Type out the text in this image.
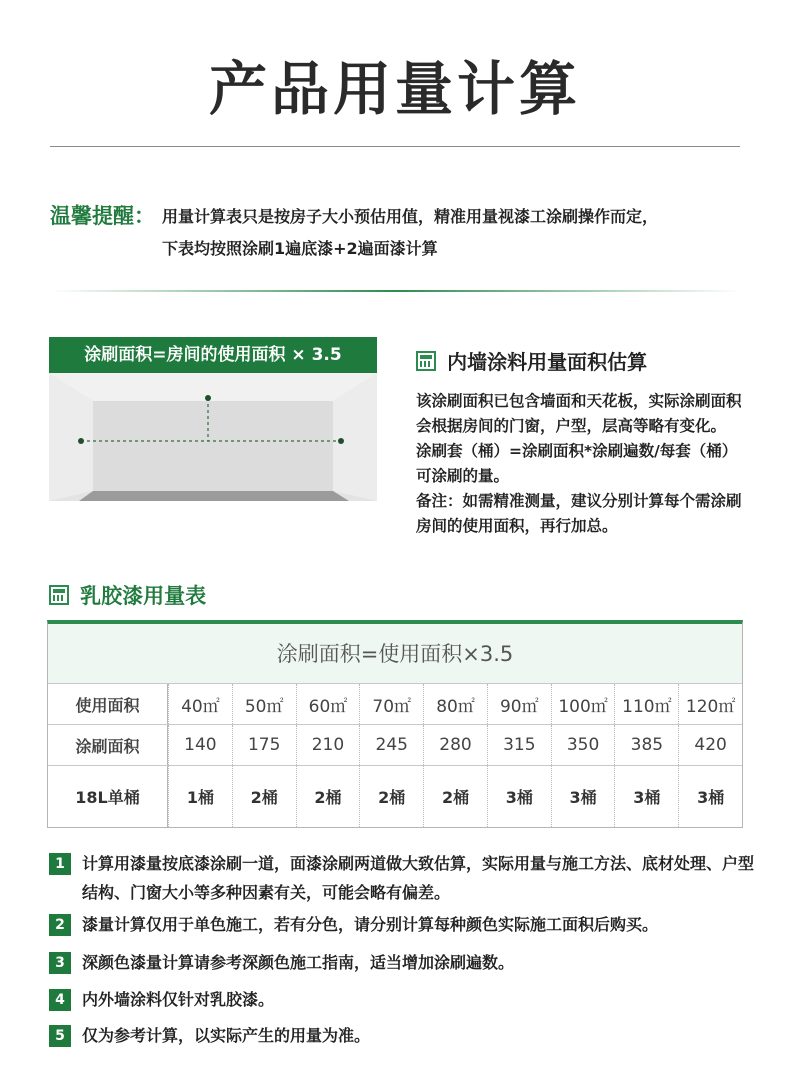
产品用量计算
温馨提醒： 用量计算表只是按房子大小预估用值，精准用量视漆工涂刷操作而定，
下表均按照涂刷1遍底漆+2遍面漆计算
涂刷面积=房间的使用面积 × 3.5	内墙涂料用量面积估算

该涂刷面积已包含墙面和天花板，实际涂刷面积会根据房间的门窗，户型，层高等略有变化。

涂刷套（桶）=涂刷面积*涂刷遍数/每套（桶）可涂刷的量。

备注：如需精准测量，建议分别计算每个需涂刷房间的使用面积，再行加总。

乳胶漆用量表
涂刷面积=使用面积×3.5
使用面积	40㎡	50㎡	60㎡	70㎡	80㎡	90㎡	100㎡ 110㎡ 120㎡
涂刷面积	140	175	210	245	280	315	350	385	420
18L单桶	1桶	2桶	2桶	2桶	2桶	3桶	3桶	3桶	3桶
1	计算用漆量按底漆涂刷一道，面漆涂刷两道做大致估算，实际用量与施工方法、底材处理、户型结构、门窗大小等多种因素有关，可能会略有偏差。
2	漆量计算仅用于单色施工，若有分色，请分别计算每种颜色实际施工面积后购买。
3	深颜色漆量计算请参考深颜色施工指南，适当增加涂刷遍数。
4	内外墙涂料仅针对乳胶漆。
5	仅为参考计算，以实际产生的用量为准。
